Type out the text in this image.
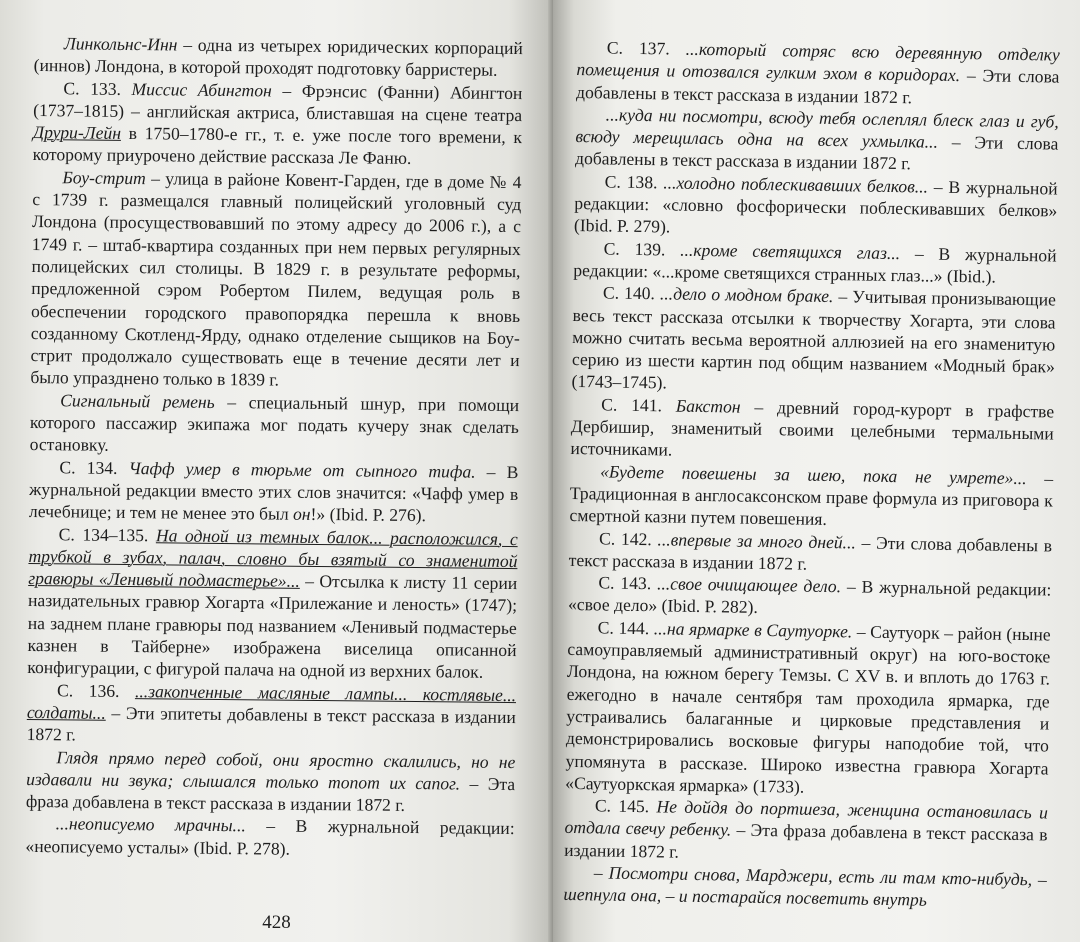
Линкольнс-Инн – одна из четырех юридических корпораций (иннов) Лондона, в которой проходят подготовку барристеры.

С. 133. Миссис Абингтон – Фрэнсис (Фанни) Абингтон (1737–1815) – английская актриса, блиставшая на сцене театра Друри-Лейн в 1750–1780-е гг., т. е. уже после того времени, к которому приурочено действие рассказа Ле Фаню.

Боу-стрит – улица в районе Ковент-Гарден, где в доме № 4 с 1739 г. размещался главный полицейский уголовный суд Лондона (просуществовавший по этому адресу до 2006 г.), а с 1749 г. – штаб-квартира созданных при нем первых регулярных полицейских сил столицы. В 1829 г. в результате реформы, предложенной сэром Робертом Пилем, ведущая роль в обеспечении городского правопорядка перешла к вновь созданному Скотленд-Ярду, однако отделение сыщиков на Боу-стрит продолжало существовать еще в течение десяти лет и было упразднено только в 1839 г.

Сигнальный ремень – специальный шнур, при помощи которого пассажир экипажа мог подать кучеру знак сделать остановку.

С. 134. Чафф умер в тюрьме от сыпного тифа. – В журнальной редакции вместо этих слов значится: «Чафф умер в лечебнице; и тем не менее это был он!» (Ibid. P. 276).

С. 134–135. На одной из темных балок... расположился, с трубкой в зубах, палач, словно бы взятый со знаменитой гравюры «Ленивый подмастерье»... – Отсылка к листу 11 серии назидательных гравюр Хогарта «Прилежание и леность» (1747); на заднем плане гравюры под названием «Ленивый подмастерье казнен в Тайберне» изображена виселица описанной конфигурации, с фигурой палача на одной из верхних балок.

С. 136. ...закопченные масляные лампы... костлявые... солдаты... – Эти эпитеты добавлены в текст рассказа в издании 1872 г.

Глядя прямо перед собой, они яростно скалились, но не издавали ни звука; слышался только топот их сапог. – Эта фраза добавлена в текст рассказа в издании 1872 г.

...неописуемо мрачны... – В журнальной редакции: «неописуемо усталы» (Ibid. P. 278).

428

С. 137. ...который сотряс всю деревянную отделку помещения и отозвался гулким эхом в коридорах. – Эти слова добавлены в текст рассказа в издании 1872 г.

...куда ни посмотри, всюду тебя ослеплял блеск глаз и губ, всюду мерещилась одна на всех ухмылка... – Эти слова добавлены в текст рассказа в издании 1872 г.

С. 138. ...холодно поблескивавших белков... – В журнальной редакции: «словно фосфорически поблескивавших белков» (Ibid. P. 279).

С. 139. ...кроме светящихся глаз... – В журнальной редакции: «...кроме светящихся странных глаз...» (Ibid.).

С. 140. ...дело о модном браке. – Учитывая пронизывающие весь текст рассказа отсылки к творчеству Хогарта, эти слова можно считать весьма вероятной аллюзией на его знаменитую серию из шести картин под общим названием «Модный брак» (1743–1745).

С. 141. Бакстон – древний город-курорт в графстве Дербишир, знаменитый своими целебными термальными источниками.

«Будете повешены за шею, пока не умрете»... – Традиционная в англосаксонском праве формула из приговора к смертной казни путем повешения.

С. 142. ...впервые за много дней... – Эти слова добавлены в текст рассказа в издании 1872 г.

С. 143. ...свое очищающее дело. – В журнальной редакции: «свое дело» (Ibid. P. 282).

С. 144. ...на ярмарке в Саутуорке. – Саутуорк – район (ныне самоуправляемый административный округ) на юго-востоке Лондона, на южном берегу Темзы. С XV в. и вплоть до 1763 г. ежегодно в начале сентября там проходила ярмарка, где устраивались балаганные и цирковые представления и демонстрировались восковые фигуры наподобие той, что упомянута в рассказе. Широко известна гравюра Хогарта «Саутуоркская ярмарка» (1733).

С. 145. Не дойдя до портшеза, женщина остановилась и отдала свечу ребенку. – Эта фраза добавлена в текст рассказа в издании 1872 г.

– Посмотри снова, Марджери, есть ли там кто-нибудь, – шепнула она, – и постарайся посветить внутрь
